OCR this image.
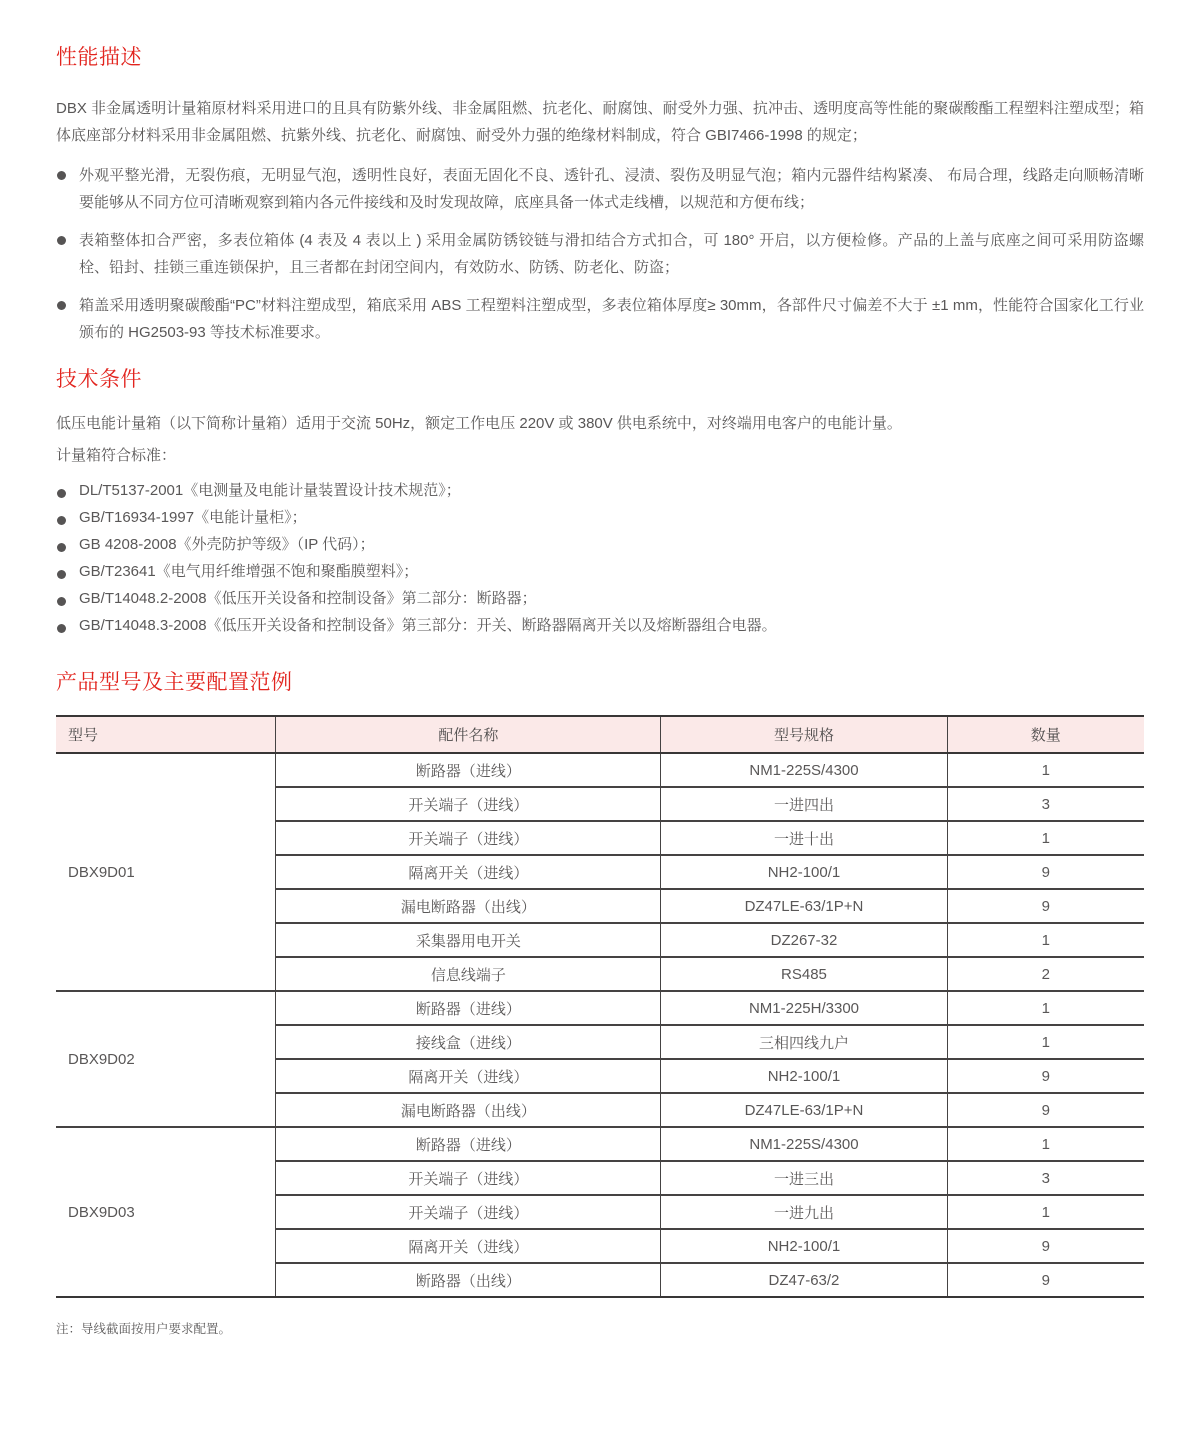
性能描述

DBX 非金属透明计量箱原材料采用进口的且具有防紫外线、非金属阻燃、抗老化、耐腐蚀、耐受外力强、抗冲击、透明度高等性能的聚碳酸酯工程塑料注塑成型；箱体底座部分材料采用非金属阻燃、抗紫外线、抗老化、耐腐蚀、耐受外力强的绝缘材料制成，符合 GBI7466-1998 的规定；

外观平整光滑，无裂伤痕，无明显气泡，透明性良好，表面无固化不良、透针孔、浸渍、裂伤及明显气泡；箱内元器件结构紧凑、 布局合理，线路走向顺畅清晰要能够从不同方位可清晰观察到箱内各元件接线和及时发现故障，底座具备一体式走线槽，以规范和方便布线；
表箱整体扣合严密，多表位箱体 (4 表及 4 表以上 ) 采用金属防锈铰链与滑扣结合方式扣合，可 180° 开启，以方便检修。产品的上盖与底座之间可采用防盗螺栓、铅封、挂锁三重连锁保护，且三者都在封闭空间内，有效防水、防锈、防老化、防盗；
箱盖采用透明聚碳酸酯“PC”材料注塑成型，箱底采用 ABS 工程塑料注塑成型，多表位箱体厚度≥ 30mm，各部件尺寸偏差不大于 ±1 mm，性能符合国家化工行业颁布的 HG2503-93 等技术标准要求。
技术条件

低压电能计量箱（以下简称计量箱）适用于交流 50Hz，额定工作电压 220V 或 380V 供电系统中，对终端用电客户的电能计量。

计量箱符合标准：

DL/T5137-2001《电测量及电能计量装置设计技术规范》；
GB/T16934-1997《电能计量柜》；
GB 4208-2008《外壳防护等级》（IP 代码）；
GB/T23641《电气用纤维增强不饱和聚酯膜塑料》；
GB/T14048.2-2008《低压开关设备和控制设备》第二部分：断路器；
GB/T14048.3-2008《低压开关设备和控制设备》第三部分：开关、断路器隔离开关以及熔断器组合电器。
产品型号及主要配置范例
型号	配件名称	型号规格	数量
DBX9D01	断路器（进线）	NM1-225S/4300	1
	开关端子（进线）	一进四出	3
	开关端子（进线）	一进十出	1
	隔离开关（进线）	NH2-100/1	9
	漏电断路器（出线）	DZ47LE-63/1P+N	9
	采集器用电开关	DZ267-32	1
	信息线端子	RS485	2
DBX9D02	断路器（进线）	NM1-225H/3300	1
	接线盒（进线）	三相四线九户	1
	隔离开关（进线）	NH2-100/1	9
	漏电断路器（出线）	DZ47LE-63/1P+N	9
DBX9D03	断路器（进线）	NM1-225S/4300	1
	开关端子（进线）	一进三出	3
	开关端子（进线）	一进九出	1
	隔离开关（进线）	NH2-100/1	9
	断路器（出线）	DZ47-63/2	9

注：导线截面按用户要求配置。
